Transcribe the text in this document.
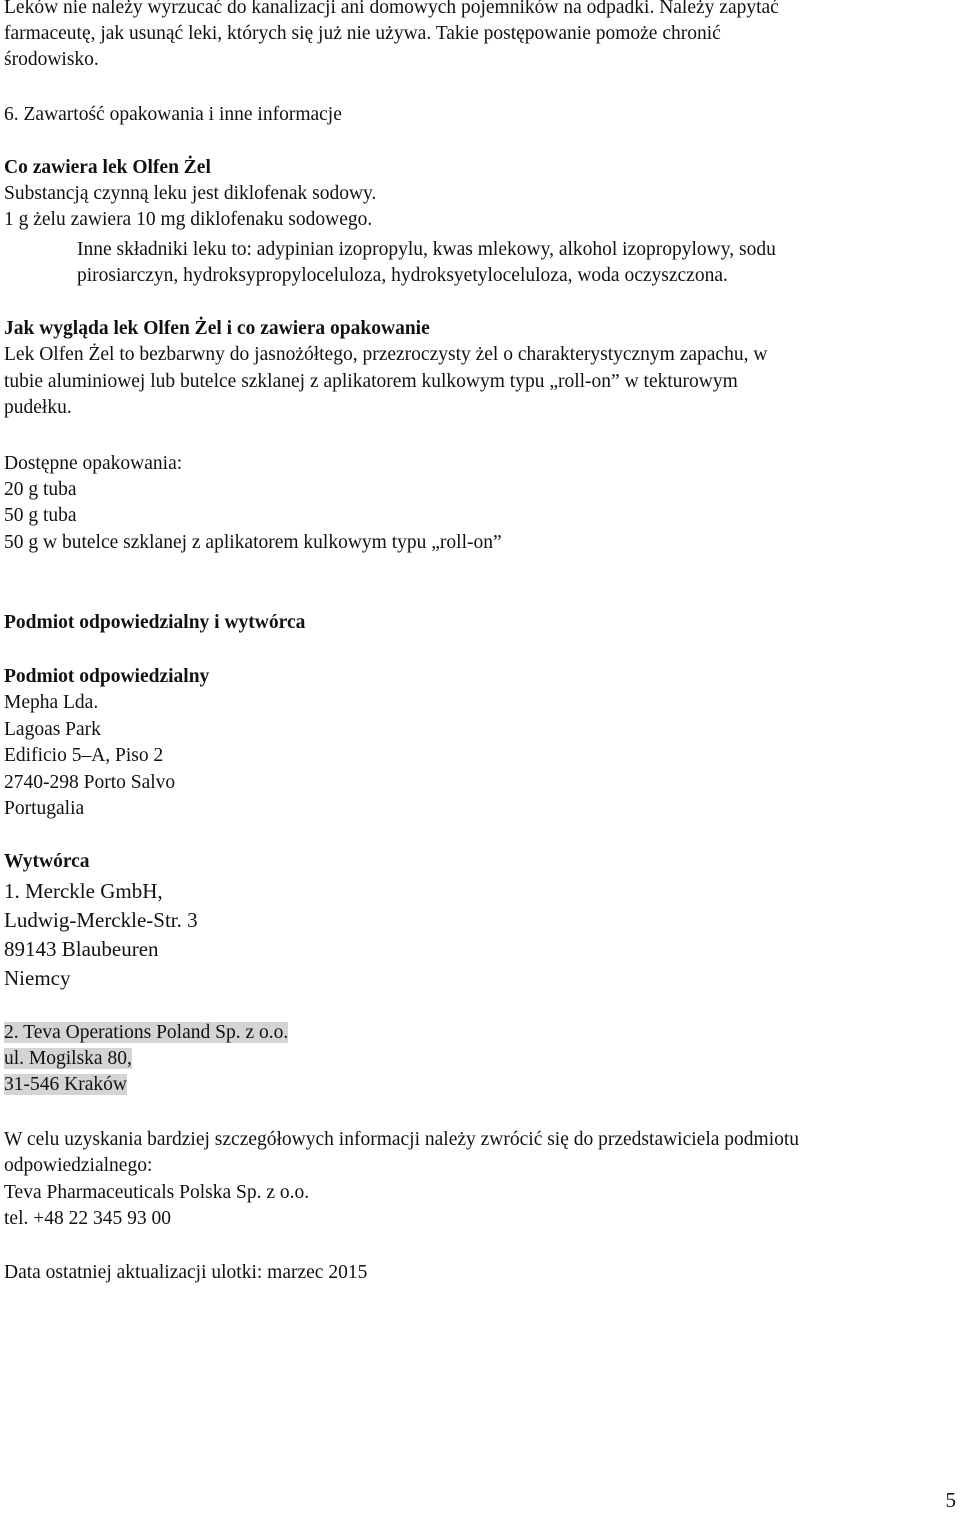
Leków nie należy wyrzucać do kanalizacji ani domowych pojemników na odpadki. Należy zapytać
farmaceutę, jak usunąć leki, których się już nie używa. Takie postępowanie pomoże chronić
środowisko.
6. Zawartość opakowania i inne informacje
Co zawiera lek Olfen Żel
Substancją czynną leku jest diklofenak sodowy.
1 g żelu zawiera 10 mg diklofenaku sodowego.
Inne składniki leku to: adypinian izopropylu, kwas mlekowy, alkohol izopropylowy, sodu
pirosiarczyn, hydroksypropyloceluloza, hydroksyetyloceluloza, woda oczyszczona.
Jak wygląda lek Olfen Żel i co zawiera opakowanie
Lek Olfen Żel to bezbarwny do jasnożółtego, przezroczysty żel o charakterystycznym zapachu, w
tubie aluminiowej lub butelce szklanej z aplikatorem kulkowym typu „roll-on” w tekturowym
pudełku.
Dostępne opakowania:
20 g tuba
50 g tuba
50 g w butelce szklanej z aplikatorem kulkowym typu „roll-on”
Podmiot odpowiedzialny i wytwórca
Podmiot odpowiedzialny
Mepha Lda.
Lagoas Park
Edificio 5–A, Piso 2
2740-298 Porto Salvo
Portugalia
Wytwórca
1. Merckle GmbH,
Ludwig-Merckle-Str. 3
89143 Blaubeuren
Niemcy
2. Teva Operations Poland Sp. z o.o.
ul. Mogilska 80,
31-546 Kraków
W celu uzyskania bardziej szczegółowych informacji należy zwrócić się do przedstawiciela podmiotu
odpowiedzialnego:
Teva Pharmaceuticals Polska Sp. z o.o.
tel. +48 22 345 93 00
Data ostatniej aktualizacji ulotki: marzec 2015
5
